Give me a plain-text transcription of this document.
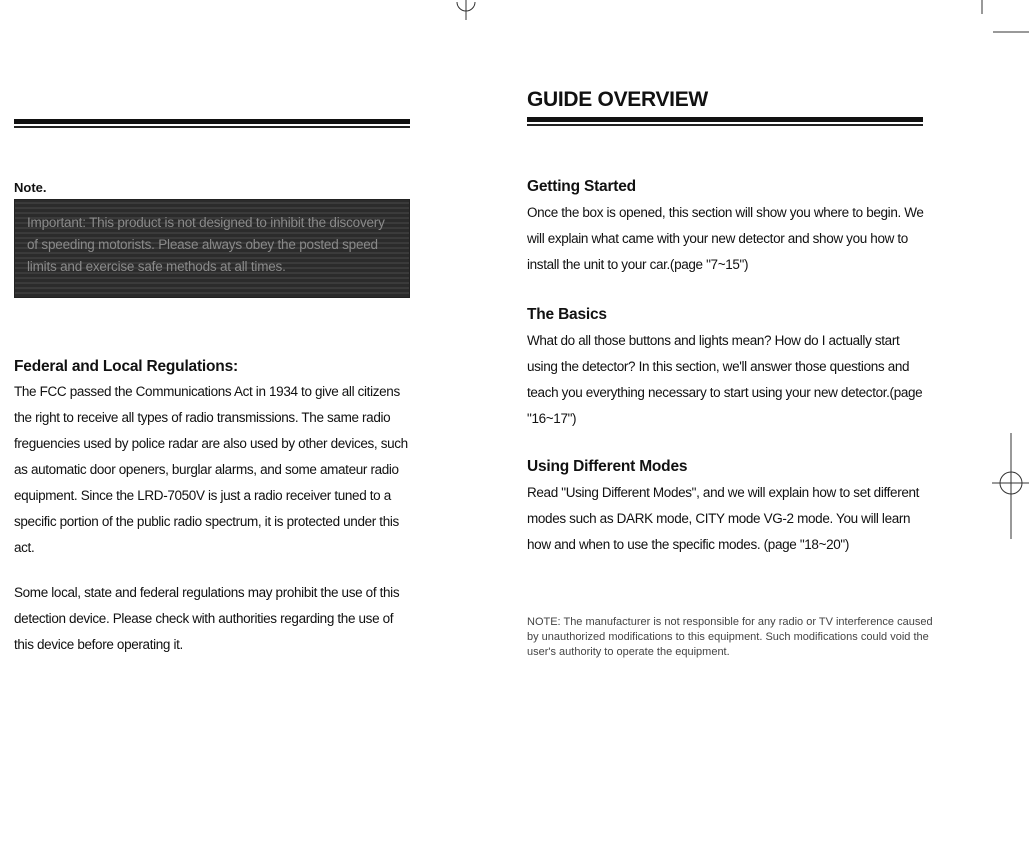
Note.

Important: This product is not designed to inhibit the discovery of speeding motorists. Please always obey the posted speed limits and exercise safe methods at all times.

Federal and Local Regulations:

The FCC passed the Communications Act in 1934 to give all citizens the right to receive all types of radio transmissions. The same radio freguencies used by police radar are also used by other devices, such as automatic door openers, burglar alarms, and some amateur radio equipment. Since the LRD-7050V is just a radio receiver tuned to a specific portion of the public radio spectrum, it is protected under this act.

Some local, state and federal regulations may prohibit the use of this detection device. Please check with authorities regarding the use of this device before operating it.

GUIDE OVERVIEW
Getting Started

Once the box is opened, this section will show you where to begin. We will explain what came with your new detector and show you how to install the unit to your car.(page "7~15")

The Basics

What do all those buttons and lights mean? How do I actually start using the detector? In this section, we'll answer those questions and teach you everything necessary to start using your new detector.(page "16~17")

Using Different Modes

Read "Using Different Modes", and we will explain how to set different modes such as DARK mode, CITY mode VG-2 mode. You will learn how and when to use the specific modes. (page "18~20")

NOTE: The manufacturer is not responsible for any radio or TV interference caused by unauthorized modifications to this equipment. Such modifications could void the user's authority to operate the equipment.
